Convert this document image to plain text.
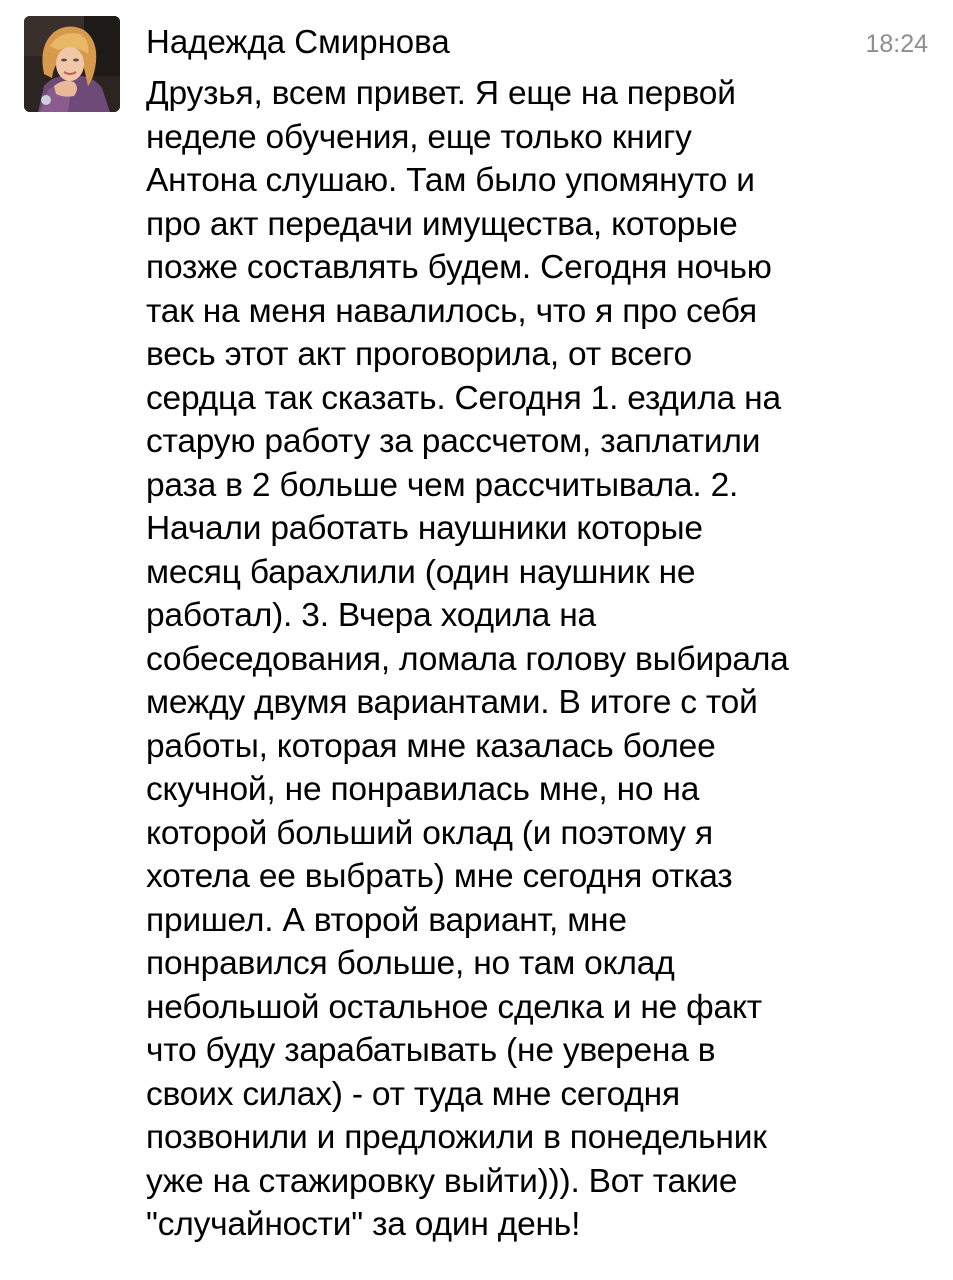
Надежда Смирнова	18:24
Друзья, всем привет. Я еще на первой
неделе обучения, еще только книгу
Антона слушаю. Там было упомянуто и
про акт передачи имущества, которые
позже составлять будем. Сегодня ночью
так на меня навалилось, что я про себя
весь этот акт проговорила, от всего
сердца так сказать. Сегодня 1. ездила на
старую работу за рассчетом, заплатили
раза в 2 больше чем рассчитывала. 2.
Начали работать наушники которые
месяц барахлили (один наушник не
работал). 3. Вчера ходила на
собеседования, ломала голову выбирала
между двумя вариантами. В итоге с той
работы, которая мне казалась более
скучной, не понравилась мне, но на
которой больший оклад (и поэтому я
хотела ее выбрать) мне сегодня отказ
пришел. А второй вариант, мне
понравился больше, но там оклад
небольшой остальное сделка и не факт
что буду зарабатывать (не уверена в
своих силах) - от туда мне сегодня
позвонили и предложили в понедельник
уже на стажировку выйти))). Вот такие
"случайности" за один день!
